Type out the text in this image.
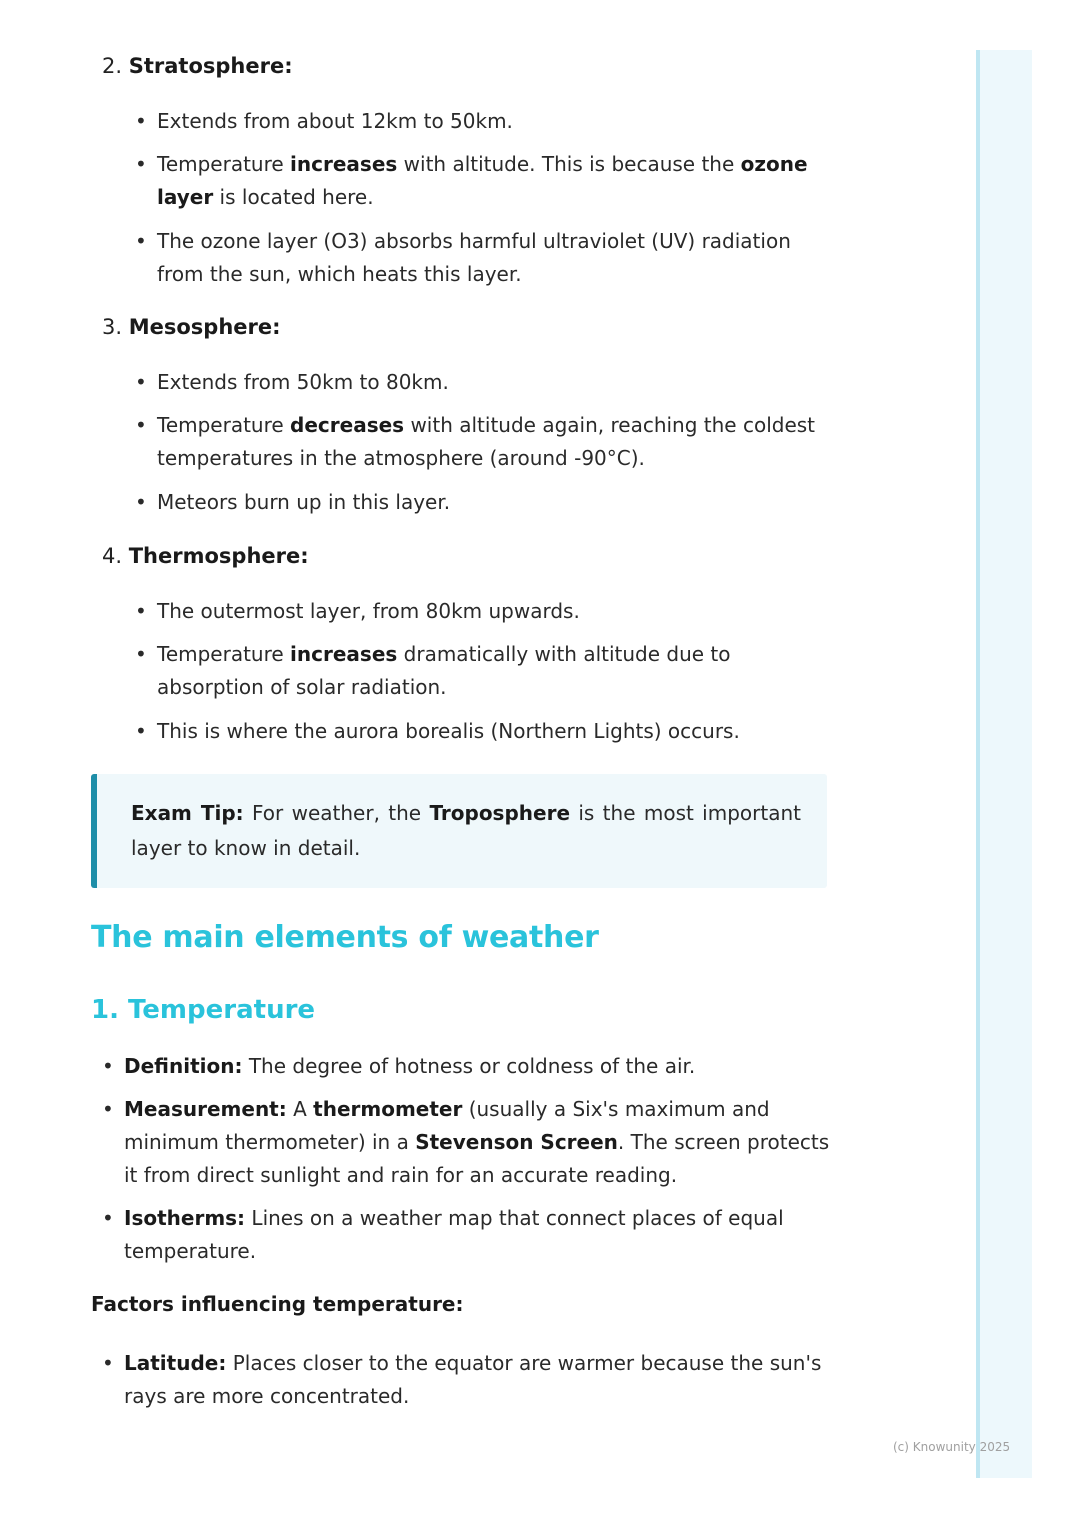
2. Stratosphere:
• Extends from about 12km to 50km.
• Temperature increases with altitude. This is because the ozone layer is located here.
• The ozone layer (O3) absorbs harmful ultraviolet (UV) radiation from the sun, which heats this layer.
3. Mesosphere:
• Extends from 50km to 80km.
• Temperature decreases with altitude again, reaching the coldest temperatures in the atmosphere (around -90°C).
• Meteors burn up in this layer.
4. Thermosphere:
• The outermost layer, from 80km upwards.
• Temperature increases dramatically with altitude due to absorption of solar radiation.
• This is where the aurora borealis (Northern Lights) occurs.
Exam Tip: For weather, the Troposphere is the most important layer to know in detail.
The main elements of weather
1. Temperature
• Definition: The degree of hotness or coldness of the air.
• Measurement: A thermometer (usually a Six's maximum and minimum thermometer) in a Stevenson Screen. The screen protects it from direct sunlight and rain for an accurate reading.
• Isotherms: Lines on a weather map that connect places of equal temperature.
Factors influencing temperature:
• Latitude: Places closer to the equator are warmer because the sun's rays are more concentrated.
(c) Knowunity 2025
